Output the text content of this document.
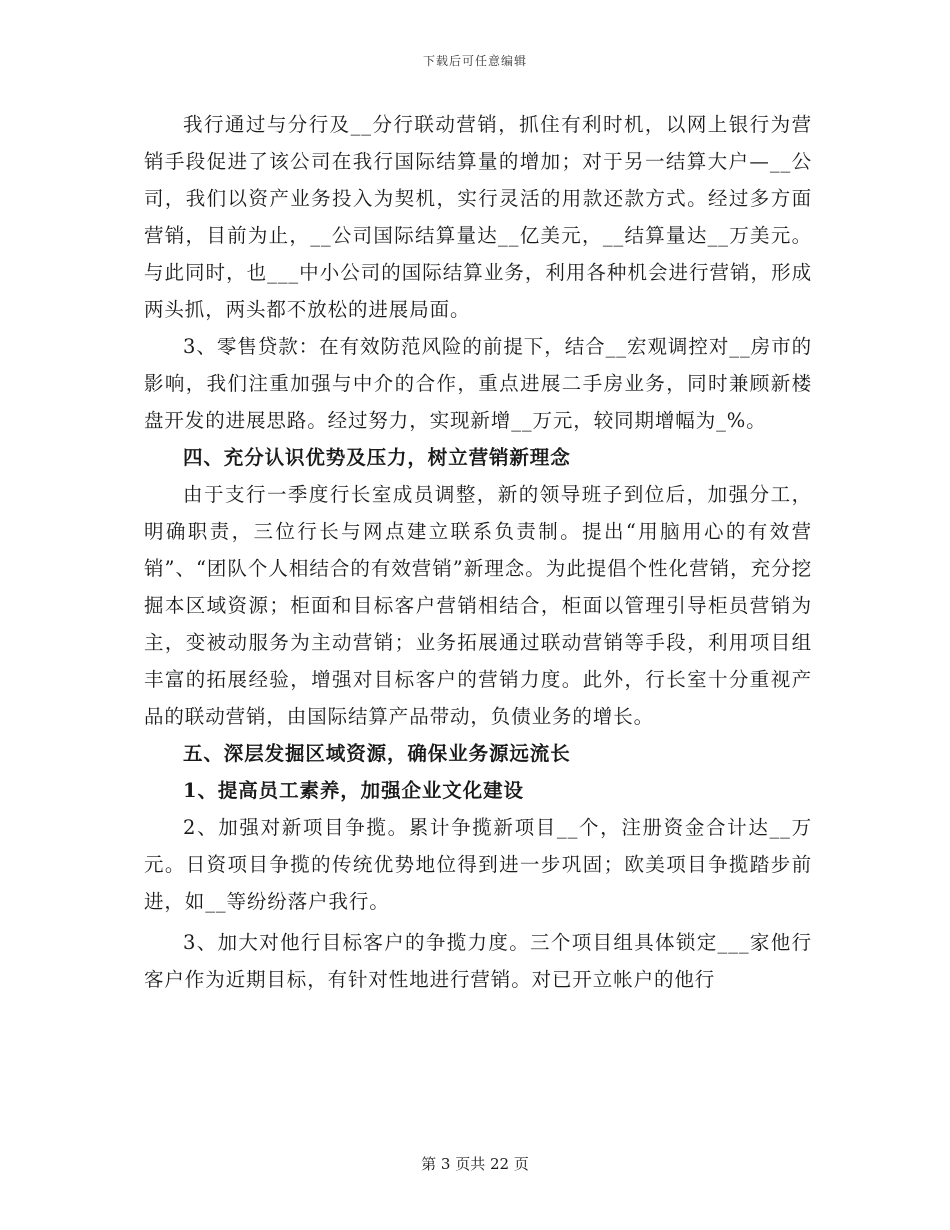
下载后可任意编辑

我行通过与分行及__分行联动营销，抓住有利时机，以网上银行为营销手段促进了该公司在我行国际结算量的增加；对于另一结算大户—__公司，我们以资产业务投入为契机，实行灵活的用款还款方式。经过多方面营销，目前为止，__公司国际结算量达__亿美元，__结算量达__万美元。与此同时，也___中小公司的国际结算业务，利用各种机会进行营销，形成两头抓，两头都不放松的进展局面。

3、零售贷款：在有效防范风险的前提下，结合__宏观调控对__房市的影响，我们注重加强与中介的合作，重点进展二手房业务，同时兼顾新楼盘开发的进展思路。经过努力，实现新增__万元，较同期增幅为_%。

四、充分认识优势及压力，树立营销新理念

由于支行一季度行长室成员调整，新的领导班子到位后，加强分工，明确职责，三位行长与网点建立联系负责制。提出“用脑用心的有效营销”、“团队个人相结合的有效营销”新理念。为此提倡个性化营销，充分挖掘本区域资源；柜面和目标客户营销相结合，柜面以管理引导柜员营销为主，变被动服务为主动营销；业务拓展通过联动营销等手段，利用项目组丰富的拓展经验，增强对目标客户的营销力度。此外，行长室十分重视产品的联动营销，由国际结算产品带动，负债业务的增长。

五、深层发掘区域资源，确保业务源远流长

1、提高员工素养，加强企业文化建设

2、加强对新项目争揽。累计争揽新项目__个，注册资金合计达__万元。日资项目争揽的传统优势地位得到进一步巩固；欧美项目争揽踏步前进，如__等纷纷落户我行。

3、加大对他行目标客户的争揽力度。三个项目组具体锁定___家他行客户作为近期目标，有针对性地进行营销。对已开立帐户的他行

第 3 页共 22 页
